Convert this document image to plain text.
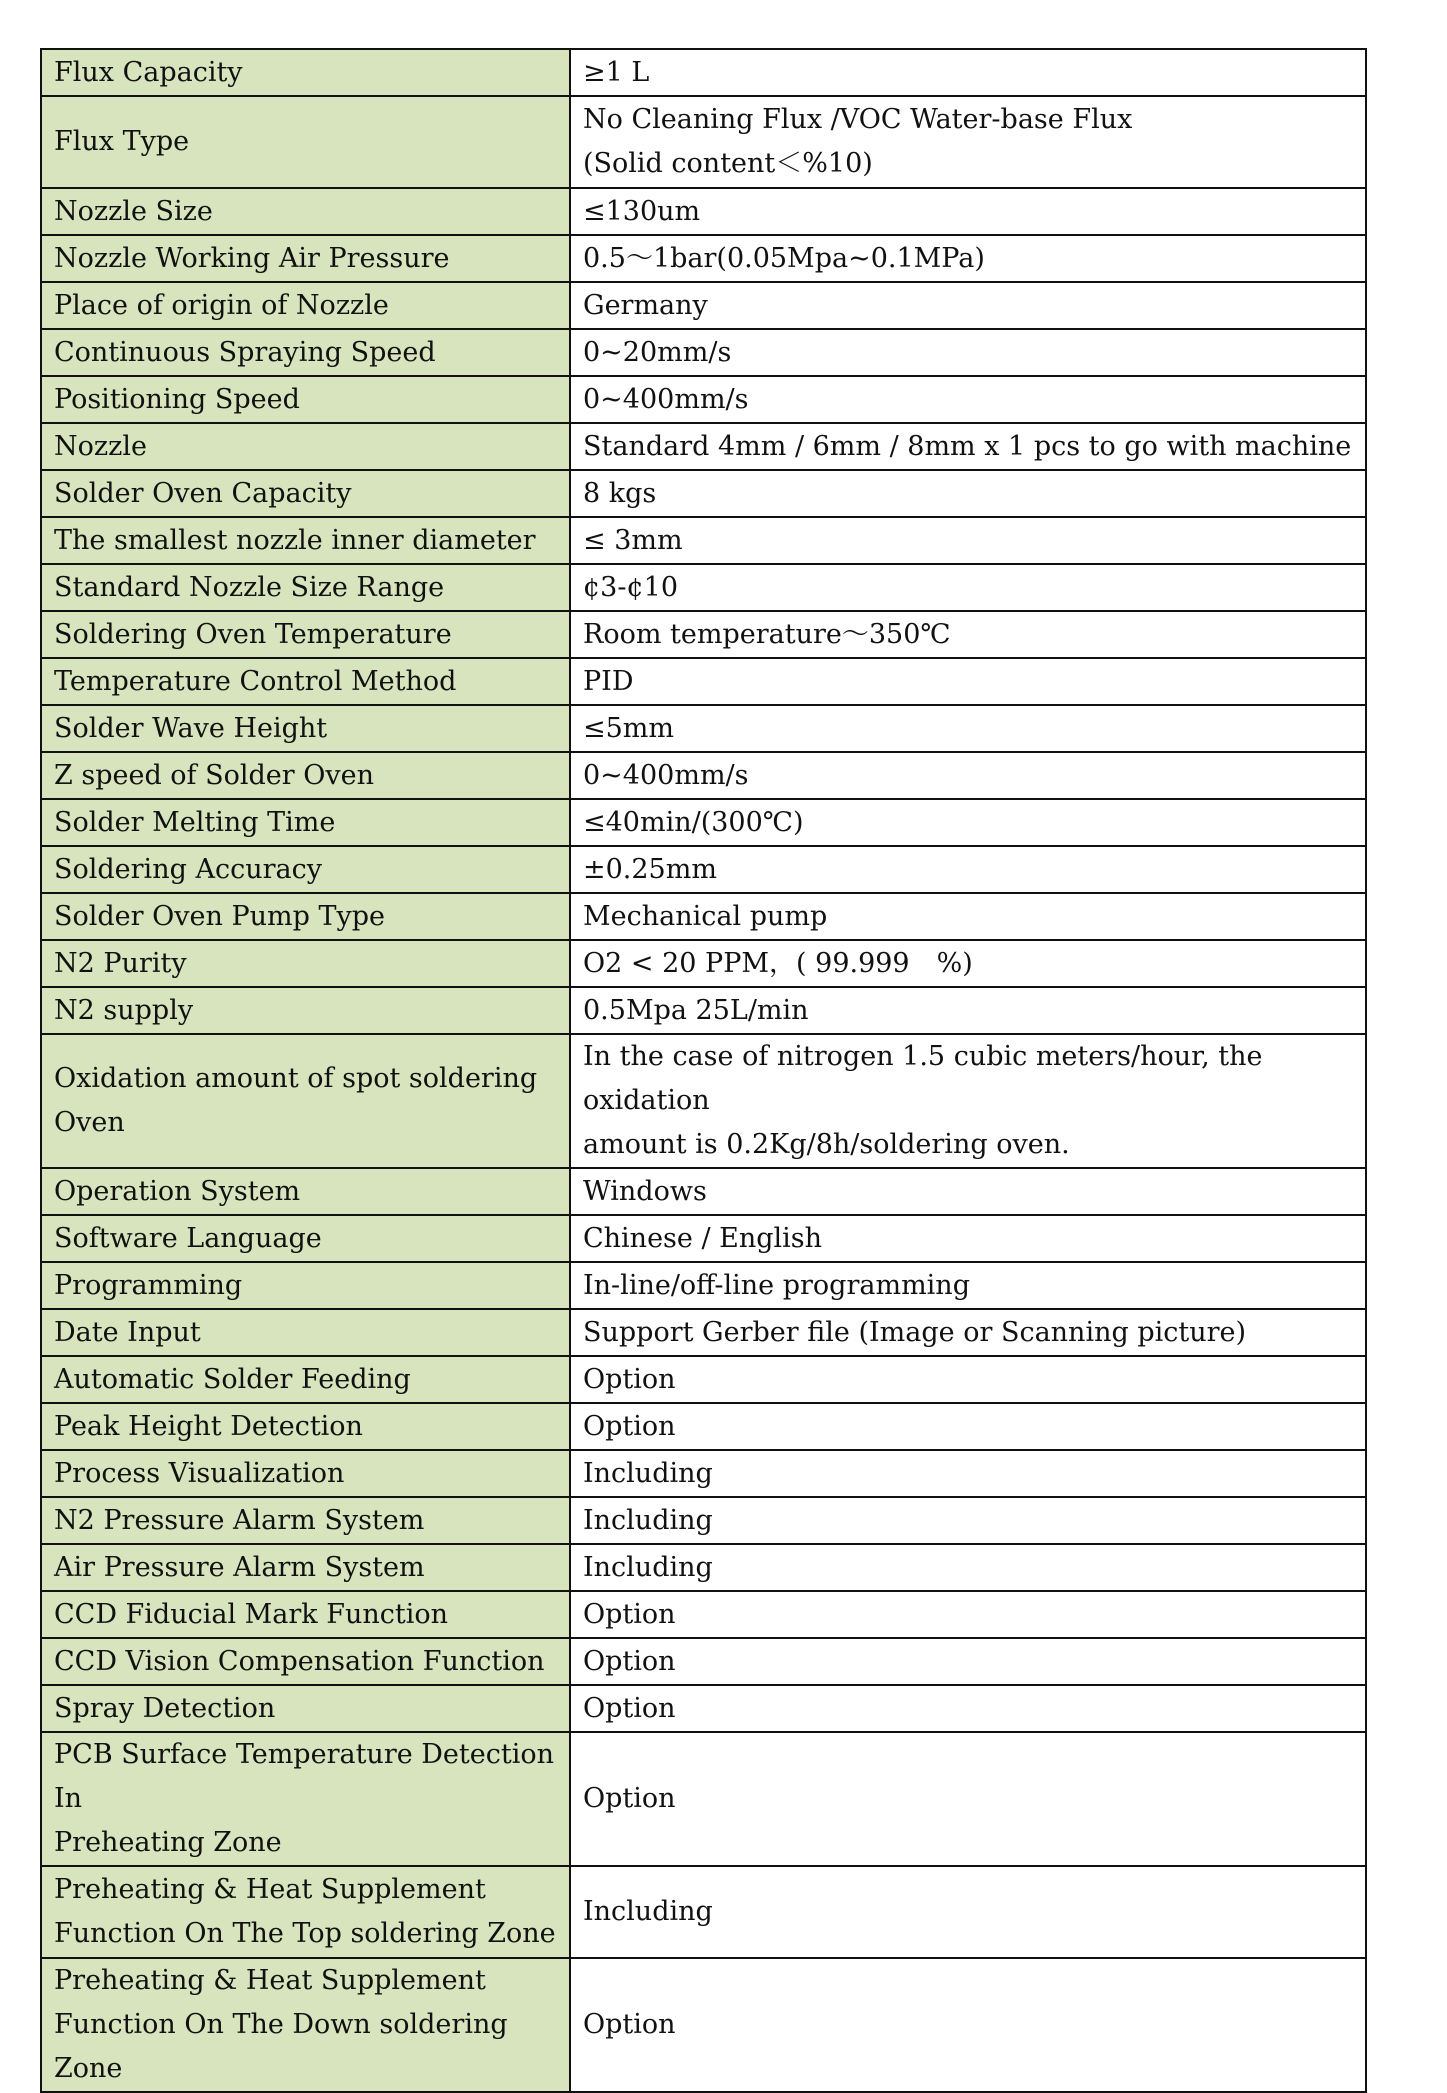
Flux Capacity	≥1 L

Flux Type	No Cleaning Flux /VOC Water-base Flux
(Solid content＜%10)

Nozzle Size	≤130um

Nozzle Working Air Pressure	0.5～1bar(0.05Mpa~0.1MPa)

Place of origin of Nozzle	Germany

Continuous Spraying Speed	0~20mm/s

Positioning Speed	0~400mm/s

Nozzle	Standard 4mm / 6mm / 8mm x 1 pcs to go with machine

Solder Oven Capacity	8 kgs

The smallest nozzle inner diameter	≤ 3mm

Standard Nozzle Size Range	¢3-¢10

Soldering Oven Temperature	Room temperature～350℃

Temperature Control Method	PID

Solder Wave Height	≤5mm

Z speed of Solder Oven	0~400mm/s

Solder Melting Time	≤40min/(300℃)

Soldering Accuracy	±0.25mm

Solder Oven Pump Type	Mechanical pump

N2 Purity	O2 < 20 PPM，( 99.999　%)

N2 supply	0.5Mpa 25L/min

Oxidation amount of spot soldering
Oven	In the case of nitrogen 1.5 cubic meters/hour, the oxidation
amount is 0.2Kg/8h/soldering oven.

Operation System	Windows

Software Language	Chinese / English

Programming	In-line/off-line programming

Date Input	Support Gerber file (Image or Scanning picture)

Automatic Solder Feeding	Option

Peak Height Detection	Option

Process Visualization	Including

N2 Pressure Alarm System	Including

Air Pressure Alarm System	Including

CCD Fiducial Mark Function	Option

CCD Vision Compensation Function	Option

Spray Detection	Option

PCB Surface Temperature Detection In
Preheating Zone	Option

Preheating & Heat Supplement
Function On The Top soldering Zone	Including

Preheating & Heat Supplement
Function On The Down soldering Zone	Option
